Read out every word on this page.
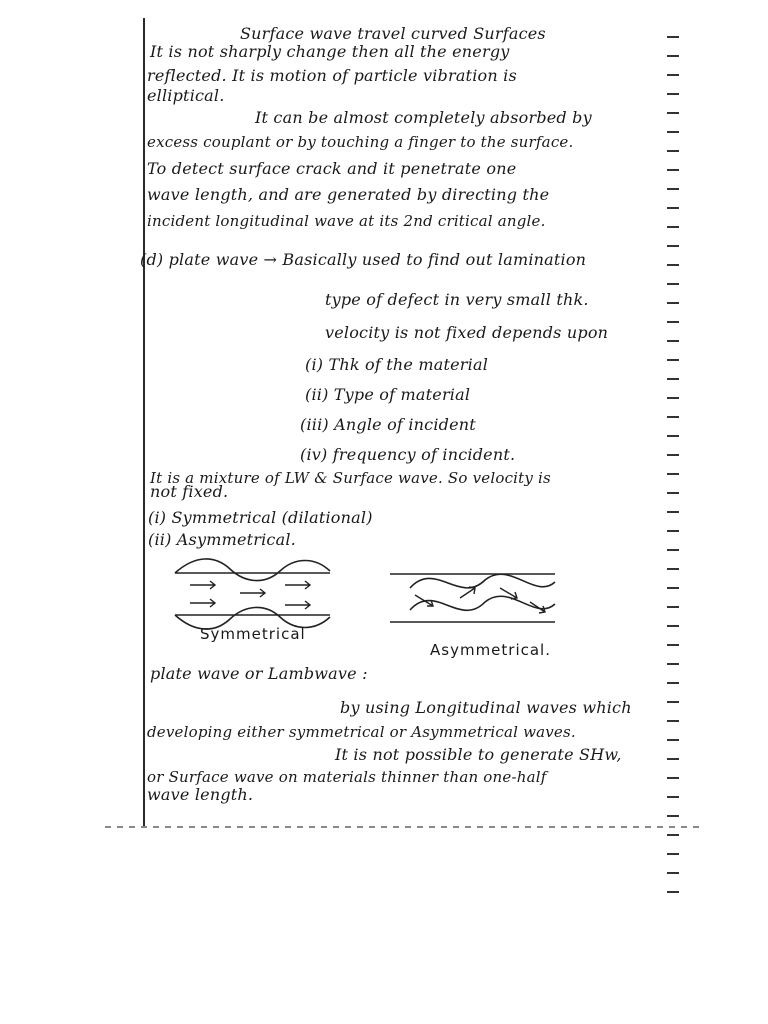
Surface wave travel curved Surfaces
It is not sharply change then all the energy
reflected. It is motion of particle vibration is
elliptical.
It can be almost completely absorbed by
excess couplant or by touching a finger to the surface.
To detect surface crack and it penetrate one
wave length, and are generated by directing the
incident longitudinal wave at its 2nd critical angle.
(d) plate wave → Basically used to find out lamination
type of defect in very small thk.
velocity is not fixed depends upon
(i) Thk of the material
(ii) Type of material
(iii) Angle of incident
(iv) frequency of incident.
It is a mixture of LW & Surface wave. So velocity is
not fixed.
(i) Symmetrical (dilational)
(ii) Asymmetrical.
Symmetrical
Asymmetrical.
plate wave or Lambwave :
by using Longitudinal waves which
developing either symmetrical or Asymmetrical waves.
It is not possible to generate SHw,
or Surface wave on materials thinner than one-half
wave length.
